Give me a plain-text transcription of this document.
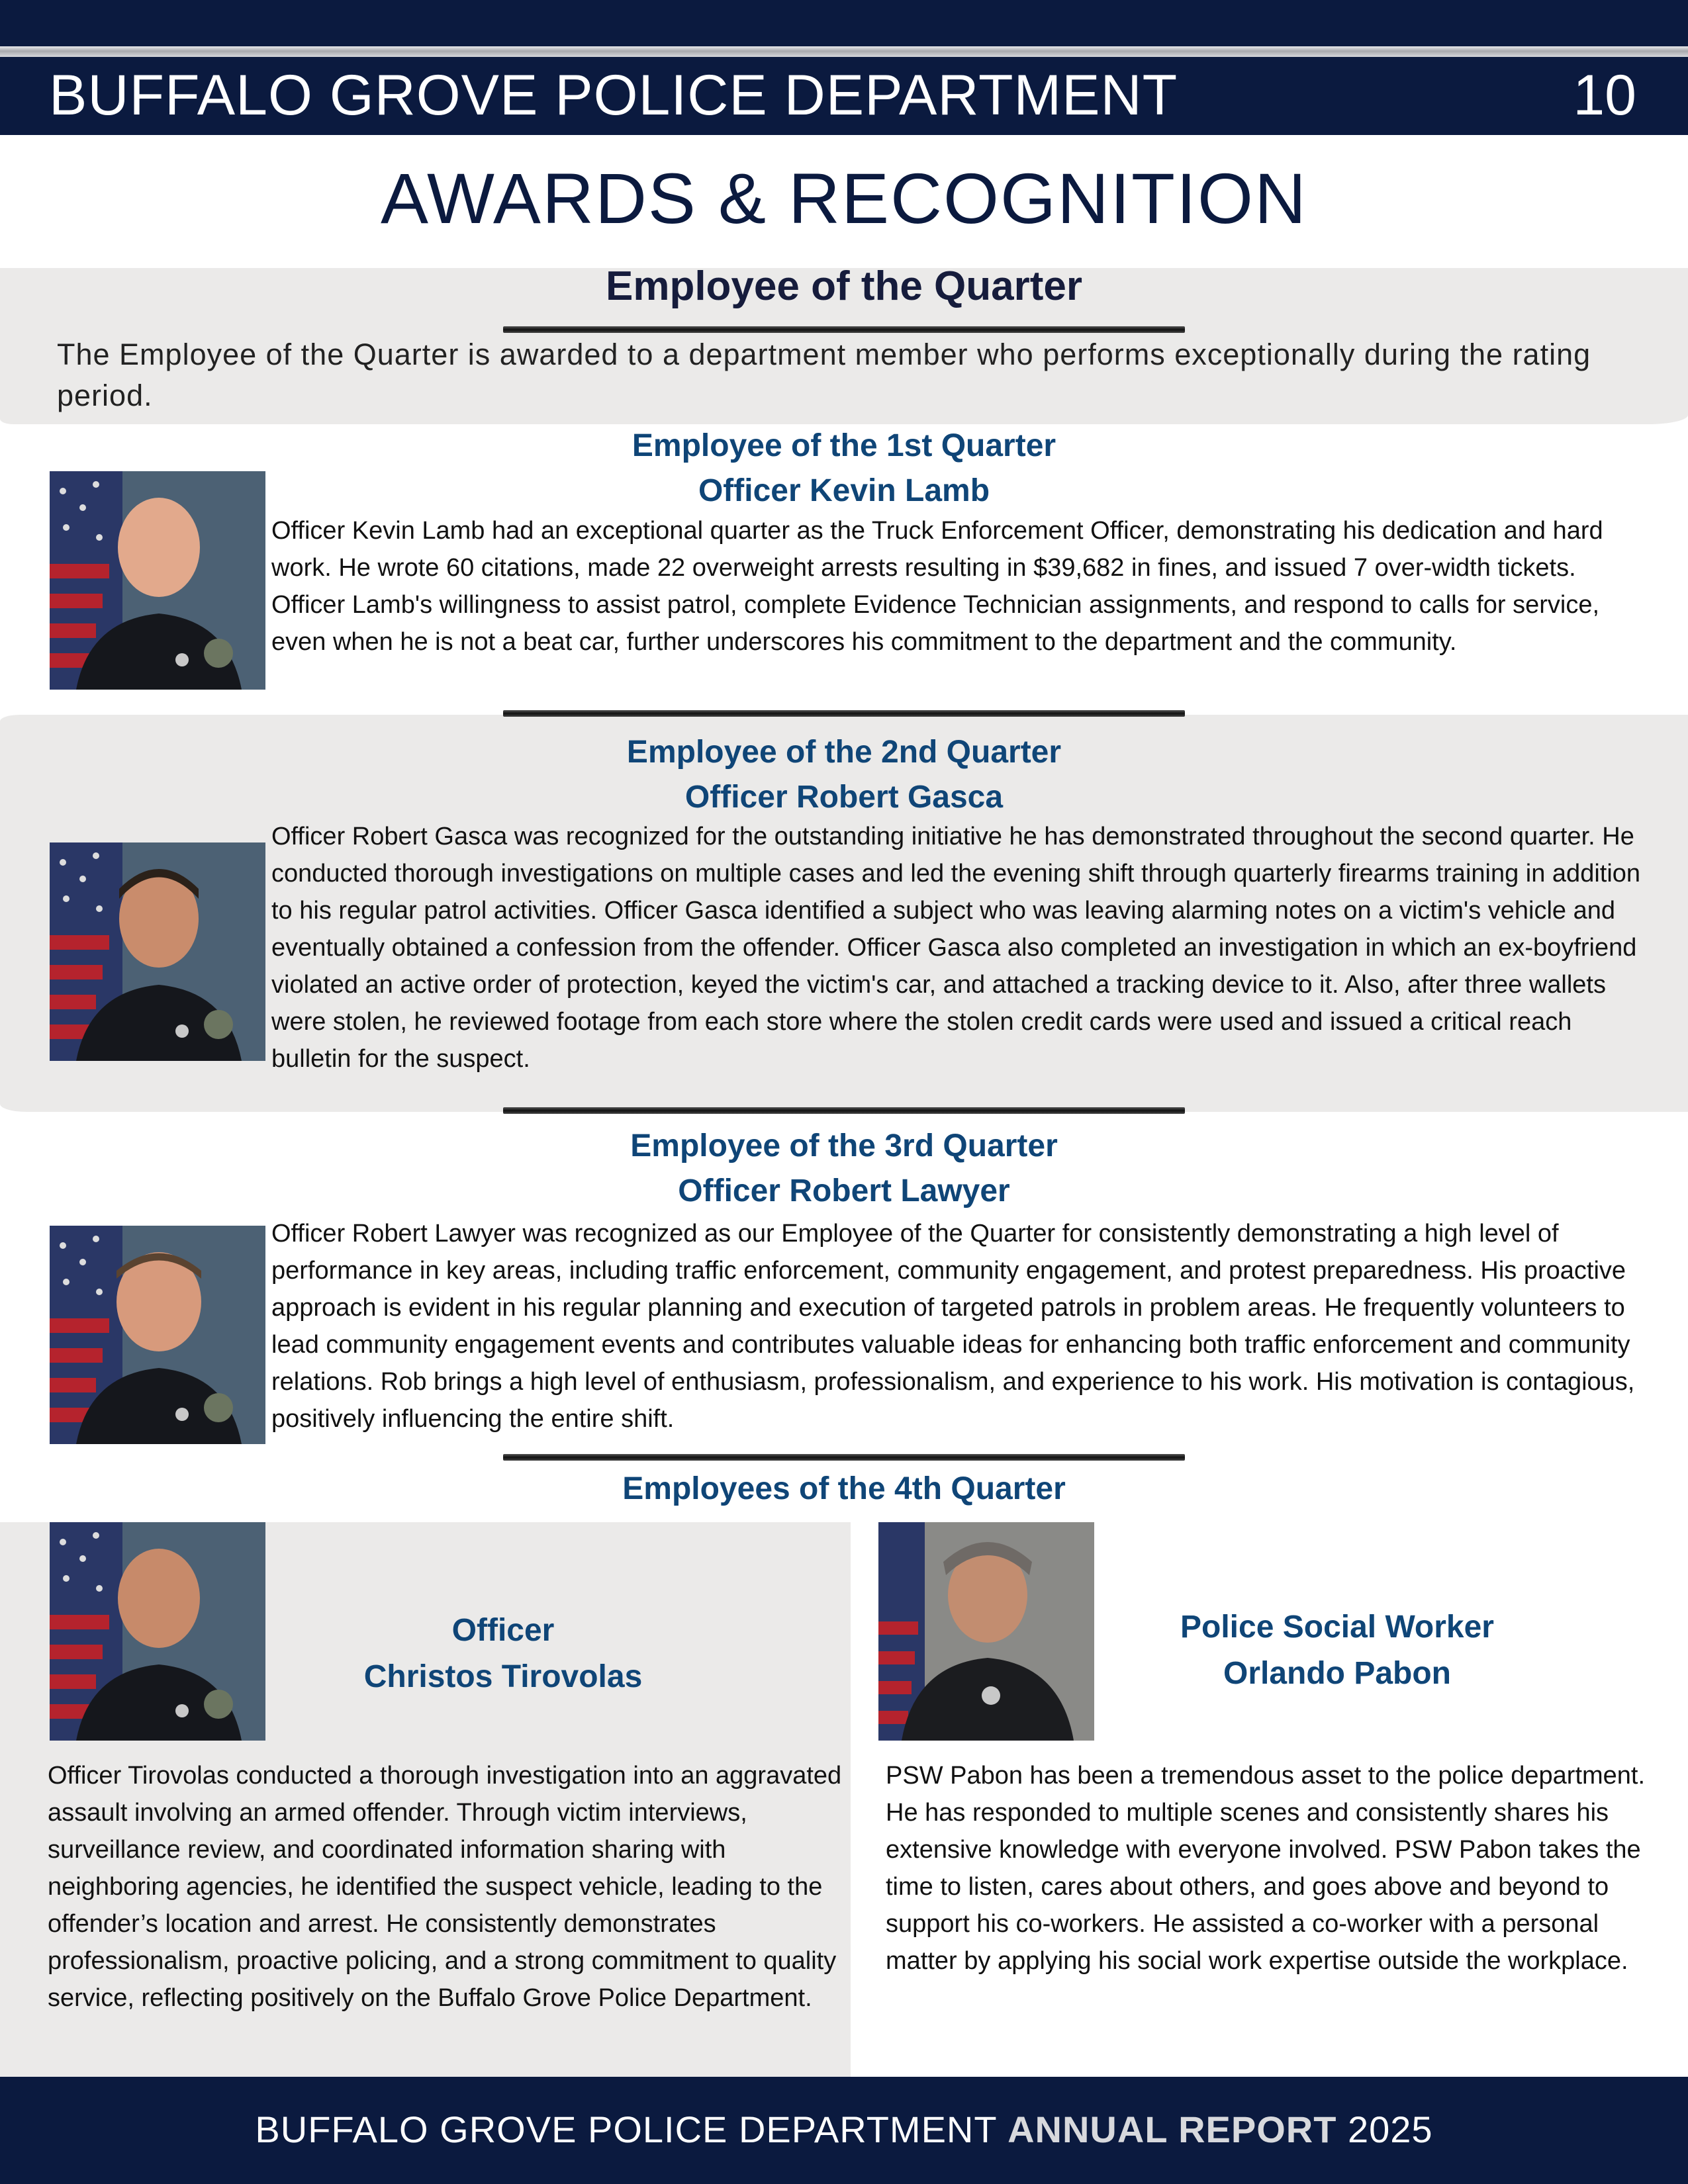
BUFFALO GROVE POLICE DEPARTMENT	10
AWARDS & RECOGNITION
Employee of the Quarter
The Employee of the Quarter is awarded to a department member who performs exceptionally during the rating period.
Employee of the 1st Quarter
Officer Kevin Lamb
Officer Kevin Lamb had an exceptional quarter as the Truck Enforcement Officer, demonstrating his dedication and hard work. He wrote 60 citations, made 22 overweight arrests resulting in $39,682 in fines, and issued 7 over-width tickets. Officer Lamb's willingness to assist patrol, complete Evidence Technician assignments, and respond to calls for service, even when he is not a beat car, further underscores his commitment to the department and the community.
Employee of the 2nd Quarter
Officer Robert Gasca
Officer Robert Gasca was recognized for the outstanding initiative he has demonstrated throughout the second quarter. He conducted thorough investigations on multiple cases and led the evening shift through quarterly firearms training in addition to his regular patrol activities. Officer Gasca identified a subject who was leaving alarming notes on a victim's vehicle and eventually obtained a confession from the offender. Officer Gasca also completed an investigation in which an ex-boyfriend violated an active order of protection, keyed the victim's car, and attached a tracking device to it. Also, after three wallets were stolen, he reviewed footage from each store where the stolen credit cards were used and issued a critical reach bulletin for the suspect.
Employee of the 3rd Quarter
Officer Robert Lawyer
Officer Robert Lawyer was recognized as our Employee of the Quarter for consistently demonstrating a high level of performance in key areas, including traffic enforcement, community engagement, and protest preparedness. His proactive approach is evident in his regular planning and execution of targeted patrols in problem areas. He frequently volunteers to lead community engagement events and contributes valuable ideas for enhancing both traffic enforcement and community relations. Rob brings a high level of enthusiasm, professionalism, and experience to his work. His motivation is contagious, positively influencing the entire shift.
Employees of the 4th Quarter
Officer
Christos Tirovolas
Officer Tirovolas conducted a thorough investigation into an aggravated assault involving an armed offender. Through victim interviews, surveillance review, and coordinated information sharing with neighboring agencies, he identified the suspect vehicle, leading to the offender’s location and arrest. He consistently demonstrates professionalism, proactive policing, and a strong commitment to quality service, reflecting positively on the Buffalo Grove Police Department.
Police Social Worker
Orlando Pabon
PSW Pabon has been a tremendous asset to the police department. He has responded to multiple scenes and consistently shares his extensive knowledge with everyone involved. PSW Pabon takes the time to listen, cares about others, and goes above and beyond to support his co-workers. He assisted a co-worker with a personal matter by applying his social work expertise outside the workplace.
BUFFALO GROVE POLICE DEPARTMENT ANNUAL REPORT 2025
